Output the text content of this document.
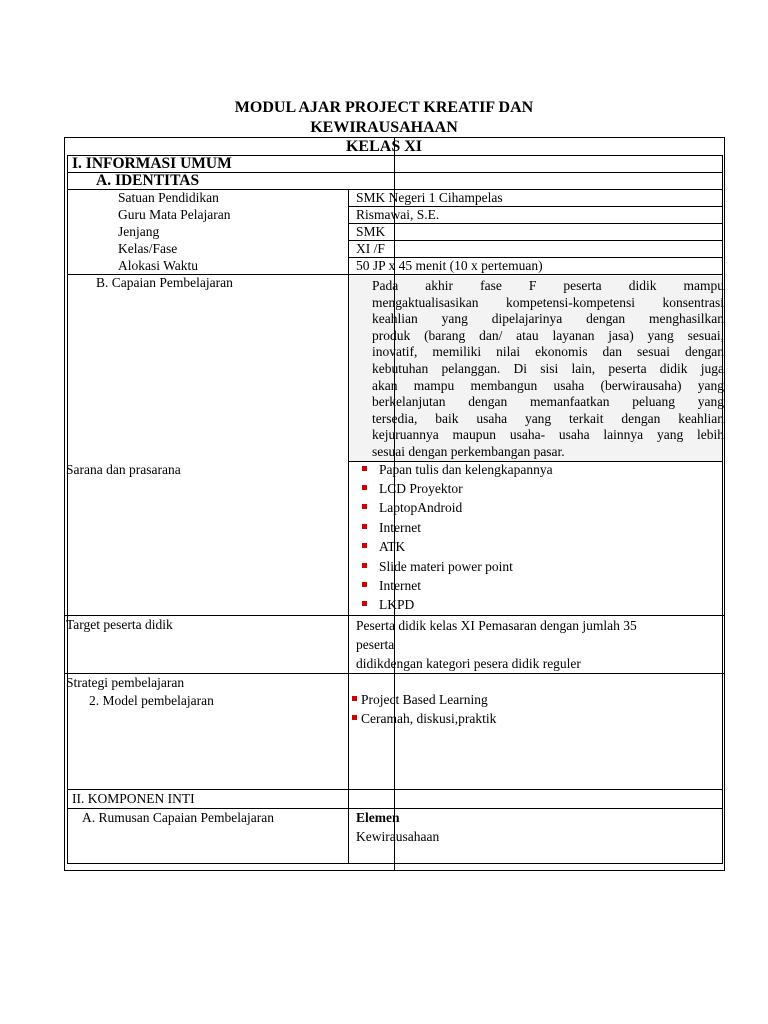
MODUL AJAR PROJECT KREATIF DAN
KEWIRAUSAHAAN
KELAS XI
I. INFORMASI UMUM
A. IDENTITAS
Satuan Pendidikan	SMK Negeri 1 Cihampelas
Guru Mata Pelajaran	Rismawai, S.E.
Jenjang	SMK
Kelas/Fase	XI /F
Alokasi Waktu	50 JP x 45 menit (10 x pertemuan)
B. Capaian Pembelajaran	Pada akhir fase F peserta didik mampu
mengaktualisasikan kompetensi-kompetensi konsentrasi
keahlian yang dipelajarinya dengan menghasilkan
produk (barang dan/ atau layanan jasa) yang sesuai,
inovatif, memiliki nilai ekonomis dan sesuai dengan
kebutuhan pelanggan. Di sisi lain, peserta didik juga
akan mampu membangun usaha (berwirausaha) yang
berkelanjutan dengan memanfaatkan peluang yang
tersedia, baik usaha yang terkait dengan keahlian
kejuruannya maupun usaha- usaha lainnya yang lebih
sesuai dengan perkembangan pasar.
Sarana dan prasarana	Papan tulis dan kelengkapannya
LCD Proyektor
LaptopAndroid
Internet
ATK
Slide materi power point
Internet
LKPD
Target peserta didik	Peserta didik kelas XI Pemasaran dengan jumlah 35
peserta
didikdengan kategori pesera didik reguler
Strategi pembelajaran
2. Model pembelajaran	Project Based Learning
Ceramah, diskusi,praktik
II. KOMPONEN INTI
A. Rumusan Capaian Pembelajaran	Elemen
Kewirausahaan
